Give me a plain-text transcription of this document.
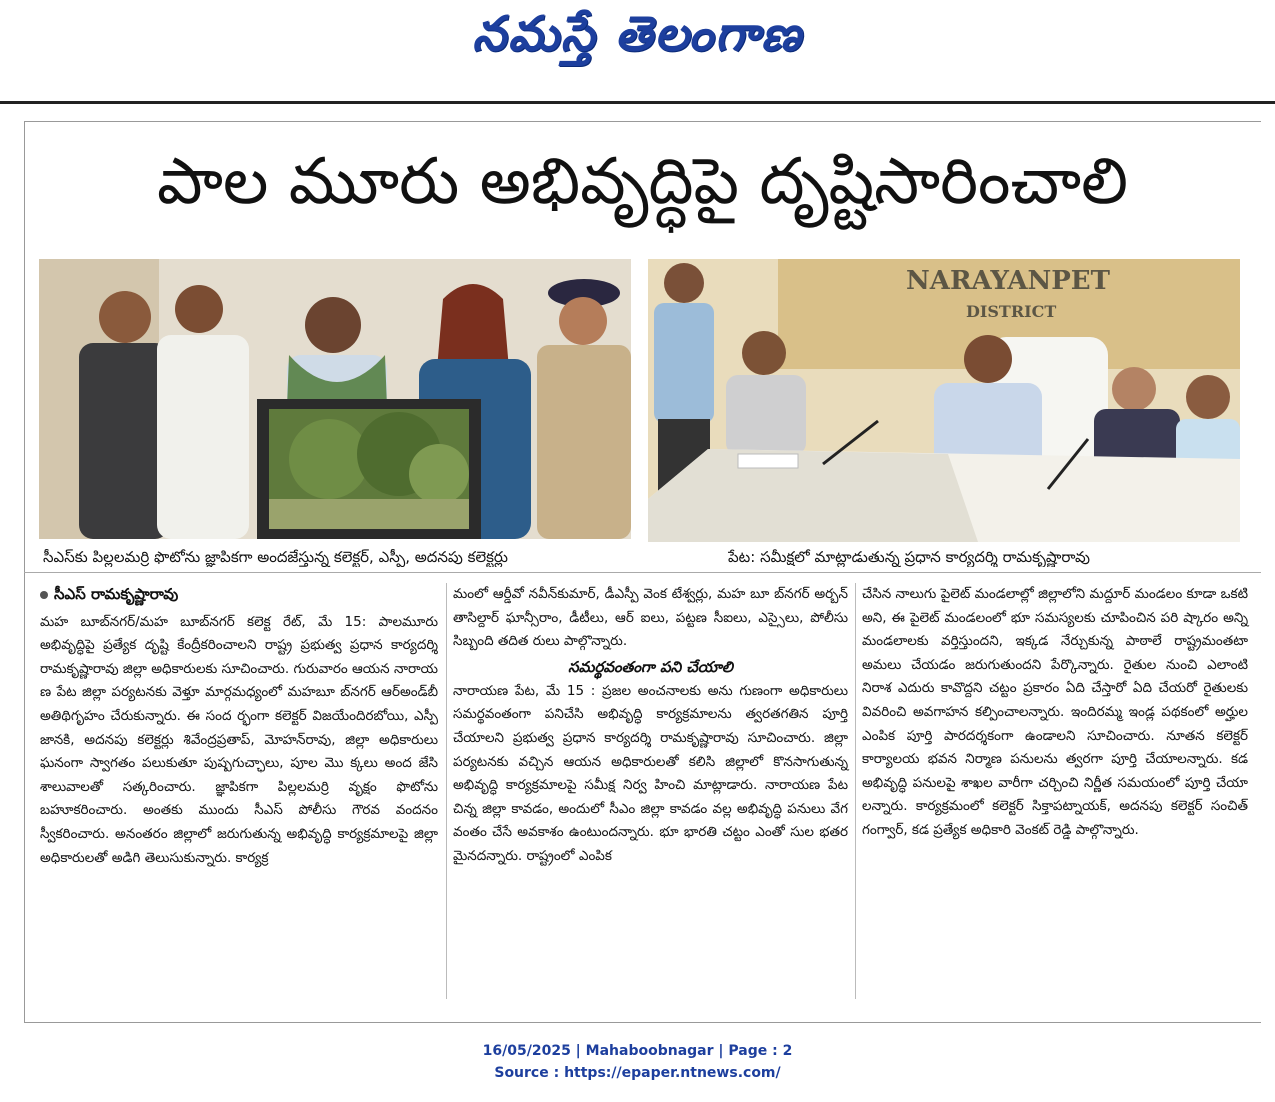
నమస్తే తెలంగాణ
పాల మూరు అభివృద్ధిపై దృష్టిసారించాలి
NARAYANPET
DISTRICT
సీఎస్‌కు పిల్లలమర్రి ఫొటోను జ్ఞాపికగా అందజేస్తున్న కలెక్టర్, ఎస్పీ, అదనపు కలెక్టర్లు	పేట: సమీక్షలో మాట్లాడుతున్న ప్రధాన కార్యదర్శి రామకృష్ణారావు
సీఎస్ రామకృష్ణారావు

మహ బూబ్‌నగర్/మహ బూబ్‌నగర్ కలెక్ట రేట్, మే 15: పాలమూరు అభివృద్ధిపై ప్రత్యేక దృష్టి కేంద్రీకరించాలని రాష్ట్ర ప్రభుత్వ ప్రధాన కార్యదర్శి రామకృష్ణారావు జిల్లా అధికారులకు సూచించారు. గురువారం ఆయన నారాయ ణ పేట జిల్లా పర్యటనకు వెళ్తూ మార్గమధ్యంలో మహబూ బ్‌నగర్ ఆర్‌అండ్‌బీ అతిథిగృహం చేరుకున్నారు. ఈ సంద ర్భంగా కలెక్టర్ విజయేందిరబోయి, ఎస్పీ జానకి, అదనపు కలెక్టర్లు శివేంద్రప్రతాప్, మోహన్‌రావు, జిల్లా అధికారులు ఘనంగా స్వాగతం పలుకుతూ పుష్పగుచ్ఛాలు, పూల మొ క్కలు అంద జేసి శాలువాలతో సత్కరించారు. జ్ఞాపికగా పిల్లలమర్రి వృక్షం ఫొటోను బహూకరించారు. అంతకు ముందు సీఎస్ పోలీసు గౌరవ వందనం స్వీకరించారు. అనంతరం జిల్లాలో జరుగుతున్న అభివృద్ధి కార్యక్రమాలపై జిల్లా అధికారులతో అడిగి తెలుసుకున్నారు. కార్యక్ర

మంలో ఆర్డీవో నవీన్‌కుమార్, డీఎస్పీ వెంక టేశ్వర్లు, మహ బూ బ్‌నగర్ అర్బన్ తాసిల్దార్ ఘాన్సీరాం, డీటీలు, ఆర్ ఐలు, పట్టణ సీఐలు, ఎస్సైలు, పోలీసు సిబ్బంది తదిత రులు పాల్గొన్నారు.

సమర్థవంతంగా పని చేయాలి

నారాయణ పేట, మే 15 : ప్రజల అంచనాలకు అను గుణంగా అధికారులు సమర్థవంతంగా పనిచేసి అభివృద్ధి కార్యక్రమాలను త్వరతగతిన పూర్తి చేయాలని ప్రభుత్వ ప్రధాన కార్యదర్శి రామకృష్ణారావు సూచించారు. జిల్లా పర్యటనకు వచ్చిన ఆయన అధికారులతో కలిసి జిల్లాలో కొనసాగుతున్న అభివృద్ధి కార్యక్రమాలపై సమీక్ష నిర్వ హించి మాట్లాడారు. నారాయణ పేట చిన్న జిల్లా కావడం, అందులో సీఎం జిల్లా కావడం వల్ల అభివృద్ధి పనులు వేగ వంతం చేసే అవకాశం ఉంటుందన్నారు. భూ భారతి చట్టం ఎంతో సుల భతర మైనదన్నారు. రాష్ట్రంలో ఎంపిక

చేసిన నాలుగు పైలెట్ మండలాల్లో జిల్లాలోని మద్దూర్ మండలం కూడా ఒకటి అని, ఈ పైలెట్ మండలంలో భూ సమస్యలకు చూపించిన పరి ష్కారం అన్ని మండలాలకు వర్తిస్తుందని, ఇక్కడ నేర్చుకున్న పాఠాలే రాష్ట్రమంతటా అమలు చేయడం జరుగుతుందని పేర్కొన్నారు. రైతుల నుంచి ఎలాంటి నిరాశ ఎదురు కావొద్దని చట్టం ప్రకారం ఏది చేస్తారో ఏది చేయరో రైతులకు వివరించి అవగాహన కల్పించాలన్నారు. ఇందిరమ్మ ఇండ్ల పథకంలో అర్హుల ఎంపిక పూర్తి పారదర్శకంగా ఉండాలని సూచించారు. నూతన కలెక్టర్ కార్యాలయ భవన నిర్మాణ పనులను త్వరగా పూర్తి చేయాలన్నారు. కడ అభివృద్ధి పనులపై శాఖల వారీగా చర్చించి నిర్ణీత సమయంలో పూర్తి చేయా లన్నారు. కార్యక్రమంలో కలెక్టర్ సిక్తాపట్నాయక్, అదనపు కలెక్టర్ సంచిత్ గంగ్వార్, కడ ప్రత్యేక అధికారి వెంకట్ రెడ్డి పాల్గొన్నారు.

16/05/2025 | Mahaboobnagar | Page : 2
Source : https://epaper.ntnews.com/
